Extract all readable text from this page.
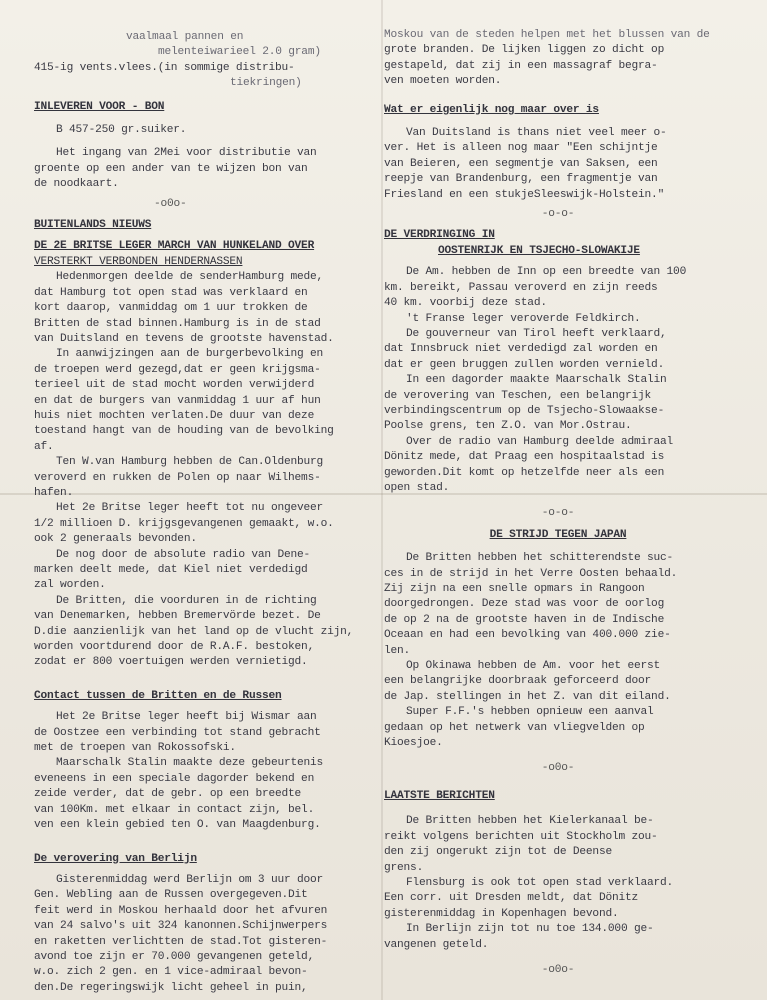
vaalmaal pannen en
melenteiwarieel 2.0 gram)
415-ig vents.vlees.(in sommige distribu-
tiekringen)
INLEVEREN VOOR - BON
B 457-250 gr.suiker.
Het ingang van 2Mei voor distributie van
groente op een ander van te wijzen bon van
de noodkaart.
-o0o-
BUITENLANDS NIEUWS
DE 2E BRITSE LEGER MARCH VAN HUNKELAND OVER
VERSTERKT VERBONDEN HENDERNASSEN
Hedenmorgen deelde de senderHamburg mede,
dat Hamburg tot open stad was verklaard en
kort daarop, vanmiddag om 1 uur trokken de
Britten de stad binnen.Hamburg is in de stad
van Duitsland en tevens de grootste havenstad.
In aanwijzingen aan de burgerbevolking en
de troepen werd gezegd,dat er geen krijgsma-
terieel uit de stad mocht worden verwijderd
en dat de burgers van vanmiddag 1 uur af hun
huis niet mochten verlaten.De duur van deze
toestand hangt van de houding van de bevolking
af.
Ten W.van Hamburg hebben de Can.Oldenburg
veroverd en rukken de Polen op naar Wilhems-
hafen.
Het 2e Britse leger heeft tot nu ongeveer
1/2 millioen D. krijgsgevangenen gemaakt, w.o.
ook 2 generaals bevonden.
De nog door de absolute radio van Dene-
marken deelt mede, dat Kiel niet verdedigd
zal worden.
De Britten, die voorduren in de richting
van Denemarken, hebben Bremervörde bezet. De
D.die aanzienlijk van het land op de vlucht zijn,
worden voortdurend door de R.A.F. bestoken,
zodat er 800 voertuigen werden vernietigd.
Contact tussen de Britten en de Russen
Het 2e Britse leger heeft bij Wismar aan
de Oostzee een verbinding tot stand gebracht
met de troepen van Rokossofski.
Maarschalk Stalin maakte deze gebeurtenis
eveneens in een speciale dagorder bekend en
zeide verder, dat de gebr. op een breedte
van 100Km. met elkaar in contact zijn, bel.
ven een klein gebied ten O. van Maagdenburg.
De verovering van Berlijn
Gisterenmiddag werd Berlijn om 3 uur door
Gen. Webling aan de Russen overgegeven.Dit
feit werd in Moskou herhaald door het afvuren
van 24 salvo's uit 324 kanonnen.Schijnwerpers
en raketten verlichtten de stad.Tot gisteren-
avond toe zijn er 70.000 gevangenen geteld,
w.o. zich 2 gen. en 1 vice-admiraal bevon-
den.De regeringswijk licht geheel in puin,
Moskou van de steden helpen met het blussen van de
grote branden. De lijken liggen zo dicht op
gestapeld, dat zij in een massagraf begra-
ven moeten worden.
Wat er eigenlijk nog maar over is
Van Duitsland is thans niet veel meer o-
ver. Het is alleen nog maar "Een schijntje
van Beieren, een segmentje van Saksen, een
reepje van Brandenburg, een fragmentje van
Friesland en een stukjeSleeswijk-Holstein."
-o-o-
DE VERDRINGING IN
OOSTENRIJK EN TSJECHO-SLOWAKIJE
De Am. hebben de Inn op een breedte van 100
km. bereikt, Passau veroverd en zijn reeds
40 km. voorbij deze stad.
't Franse leger veroverde Feldkirch.
De gouverneur van Tirol heeft verklaard,
dat Innsbruck niet verdedigd zal worden en
dat er geen bruggen zullen worden vernield.
In een dagorder maakte Maarschalk Stalin
de verovering van Teschen, een belangrijk
verbindingscentrum op de Tsjecho-Slowaakse-
Poolse grens, ten Z.O. van Mor.Ostrau.
Over de radio van Hamburg deelde admiraal
Dönitz mede, dat Praag een hospitaalstad is
geworden.Dit komt op hetzelfde neer als een
open stad.
-o-o-
DE STRIJD TEGEN JAPAN
De Britten hebben het schitterendste suc-
ces in de strijd in het Verre Oosten behaald.
Zij zijn na een snelle opmars in Rangoon
doorgedrongen. Deze stad was voor de oorlog
de op 2 na de grootste haven in de Indische
Oceaan en had een bevolking van 400.000 zie-
len.
Op Okinawa hebben de Am. voor het eerst
een belangrijke doorbraak geforceerd door
de Jap. stellingen in het Z. van dit eiland.
Super F.F.'s hebben opnieuw een aanval
gedaan op het netwerk van vliegvelden op
Kioesjoe.
-o0o-
LAATSTE BERICHTEN
De Britten hebben het Kielerkanaal be-
reikt volgens berichten uit Stockholm zou-
den zij ongerukt zijn tot de Deense
grens.
Flensburg is ook tot open stad verklaard.
Een corr. uit Dresden meldt, dat Dönitz
gisterenmiddag in Kopenhagen bevond.
In Berlijn zijn tot nu toe 134.000 ge-
vangenen geteld.
-o0o-
